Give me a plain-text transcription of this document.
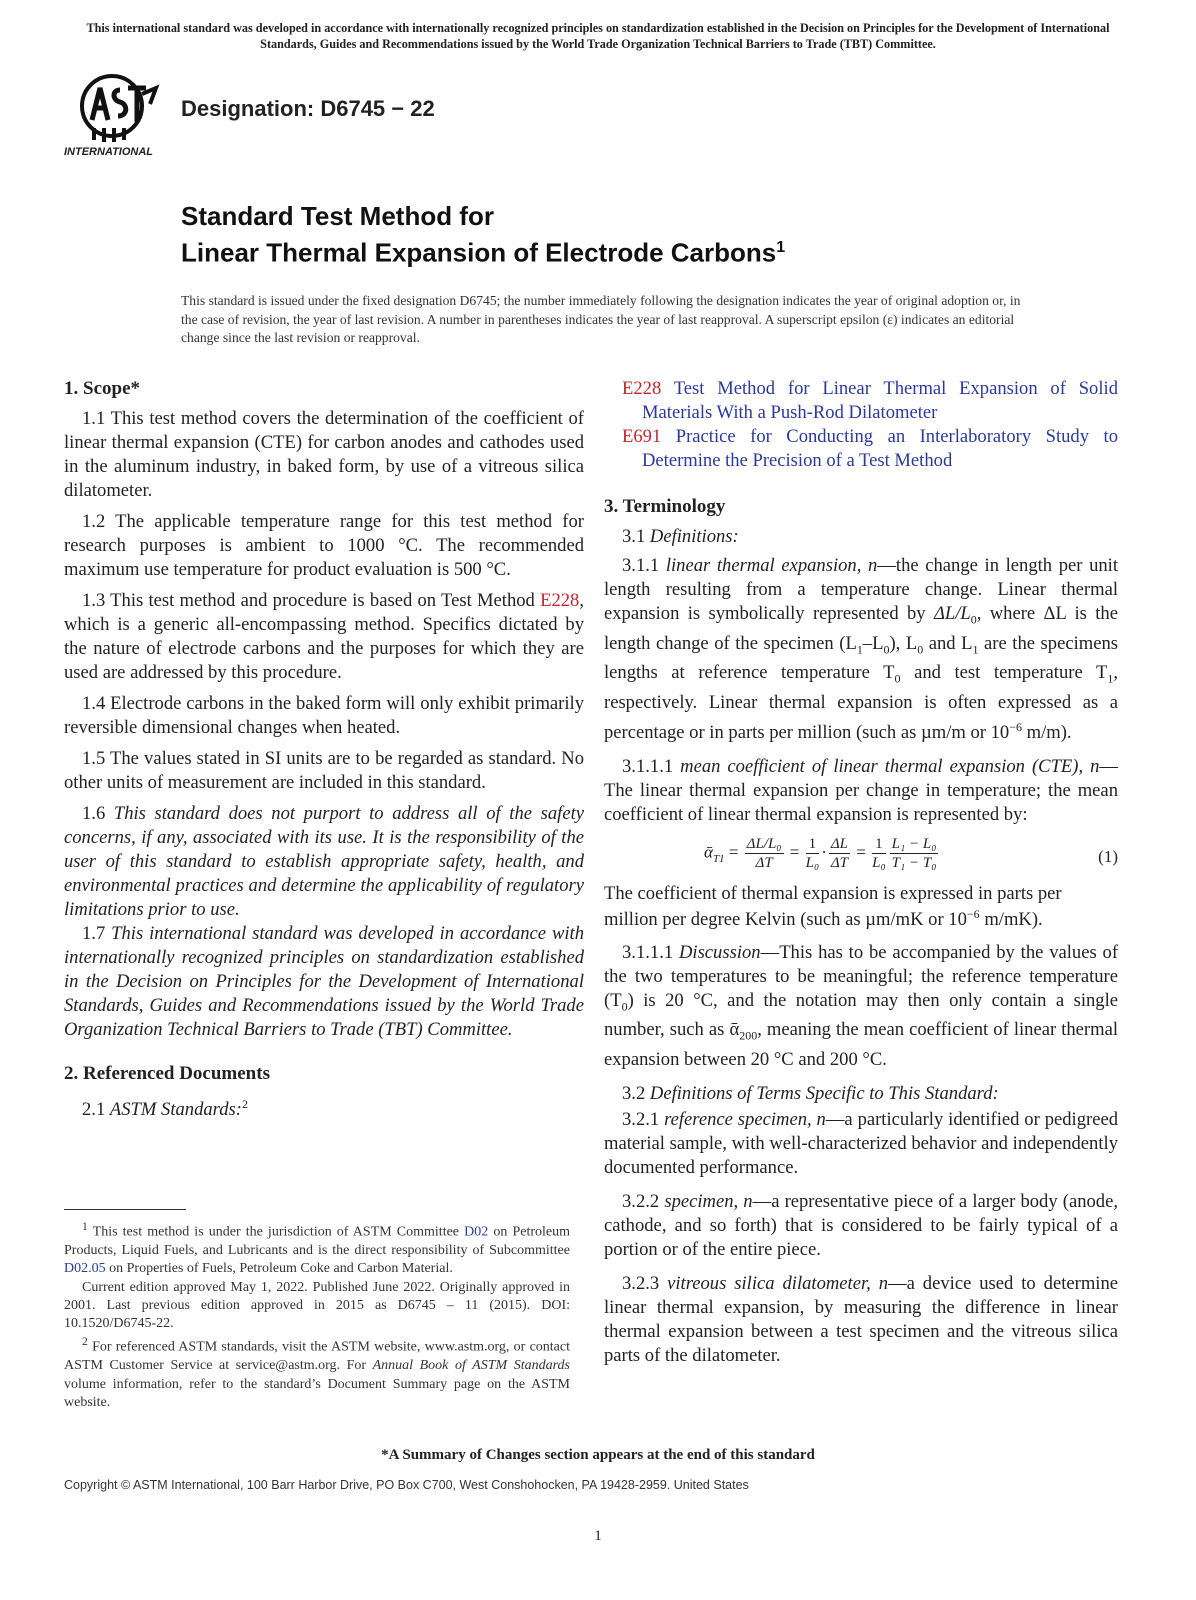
This international standard was developed in accordance with internationally recognized principles on standardization established in the Decision on Principles for the Development of International Standards, Guides and Recommendations issued by the World Trade Organization Technical Barriers to Trade (TBT) Committee.
INTERNATIONAL
Designation: D6745 − 22
Standard Test Method for
Linear Thermal Expansion of Electrode Carbons$^1$
This standard is issued under the fixed designation D6745; the number immediately following the designation indicates the year of original adoption or, in the case of revision, the year of last revision. A number in parentheses indicates the year of last reapproval. A superscript epsilon (ε) indicates an editorial change since the last revision or reapproval.

1. Scope*

1.1 This test method covers the determination of the coefficient of linear thermal expansion (CTE) for carbon anodes and cathodes used in the aluminum industry, in baked form, by use of a vitreous silica dilatometer.

1.2 The applicable temperature range for this test method for research purposes is ambient to 1000 °C. The recommended maximum use temperature for product evaluation is 500 °C.

1.3 This test method and procedure is based on Test Method E228, which is a generic all-encompassing method. Specifics dictated by the nature of electrode carbons and the purposes for which they are used are addressed by this procedure.

1.4 Electrode carbons in the baked form will only exhibit primarily reversible dimensional changes when heated.

1.5 The values stated in SI units are to be regarded as standard. No other units of measurement are included in this standard.

1.6 This standard does not purport to address all of the safety concerns, if any, associated with its use. It is the responsibility of the user of this standard to establish appropriate safety, health, and environmental practices and determine the applicability of regulatory limitations prior to use.

1.7 This international standard was developed in accordance with internationally recognized principles on standardization established in the Decision on Principles for the Development of International Standards, Guides and Recommendations issued by the World Trade Organization Technical Barriers to Trade (TBT) Committee.

2. Referenced Documents

2.1 ASTM Standards:$^2$

$^1$ This test method is under the jurisdiction of ASTM Committee D02 on Petroleum Products, Liquid Fuels, and Lubricants and is the direct responsibility of Subcommittee D02.05 on Properties of Fuels, Petroleum Coke and Carbon Material.

Current edition approved May 1, 2022. Published June 2022. Originally approved in 2001. Last previous edition approved in 2015 as D6745 – 11 (2015). DOI: 10.1520/D6745-22.

$^2$ For referenced ASTM standards, visit the ASTM website, www.astm.org, or contact ASTM Customer Service at service@astm.org. For Annual Book of ASTM Standards volume information, refer to the standard’s Document Summary page on the ASTM website.

E228 Test Method for Linear Thermal Expansion of Solid Materials With a Push-Rod Dilatometer

E691 Practice for Conducting an Interlaboratory Study to Determine the Precision of a Test Method

3. Terminology

3.1 Definitions:

3.1.1 linear thermal expansion, n—the change in length per unit length resulting from a temperature change. Linear thermal expansion is symbolically represented by $\Delta L/L_0$, where ΔL is the length change of the specimen $(L_1-L_0)$, $L_0$ and $L_1$ are the specimens lengths at reference temperature $T_0$ and test temperature $T_1$, respectively. Linear thermal expansion is often expressed as a percentage or in parts per million (such as µm/m or $10^{-6}$ m/m).

3.1.1.1 mean coefficient of linear thermal expansion (CTE), n—The linear thermal expansion per change in temperature; the mean coefficient of linear thermal expansion is represented by:

ᾱ$_{T1}$ = $\frac{\text{ΔL/L₀}}{\Delta T} = \frac{1}{\text{L₀}} \cdot \frac{\Delta L}{\Delta T} = \frac{1}{\text{L₀}} \frac{\text{L₁ − L₀}}{\text{T₁ − T₀}}$	(1)

The coefficient of thermal expansion is expressed in parts per million per degree Kelvin (such as µm/mK or $10^{-6}$ m/mK).

3.1.1.1 Discussion—This has to be accompanied by the values of the two temperatures to be meaningful; the reference temperature $(T_0)$ is 20 °C, and the notation may then only contain a single number, such as ᾱ$_{200}$, meaning the mean coefficient of linear thermal expansion between 20 °C and 200 °C.

3.2 Definitions of Terms Specific to This Standard:

3.2.1 reference specimen, n—a particularly identified or pedigreed material sample, with well-characterized behavior and independently documented performance.

3.2.2 specimen, n—a representative piece of a larger body (anode, cathode, and so forth) that is considered to be fairly typical of a portion or of the entire piece.

3.2.3 vitreous silica dilatometer, n—a device used to determine linear thermal expansion, by measuring the difference in linear thermal expansion between a test specimen and the vitreous silica parts of the dilatometer.

*A Summary of Changes section appears at the end of this standard
Copyright © ASTM International, 100 Barr Harbor Drive, PO Box C700, West Conshohocken, PA 19428-2959. United States
1
